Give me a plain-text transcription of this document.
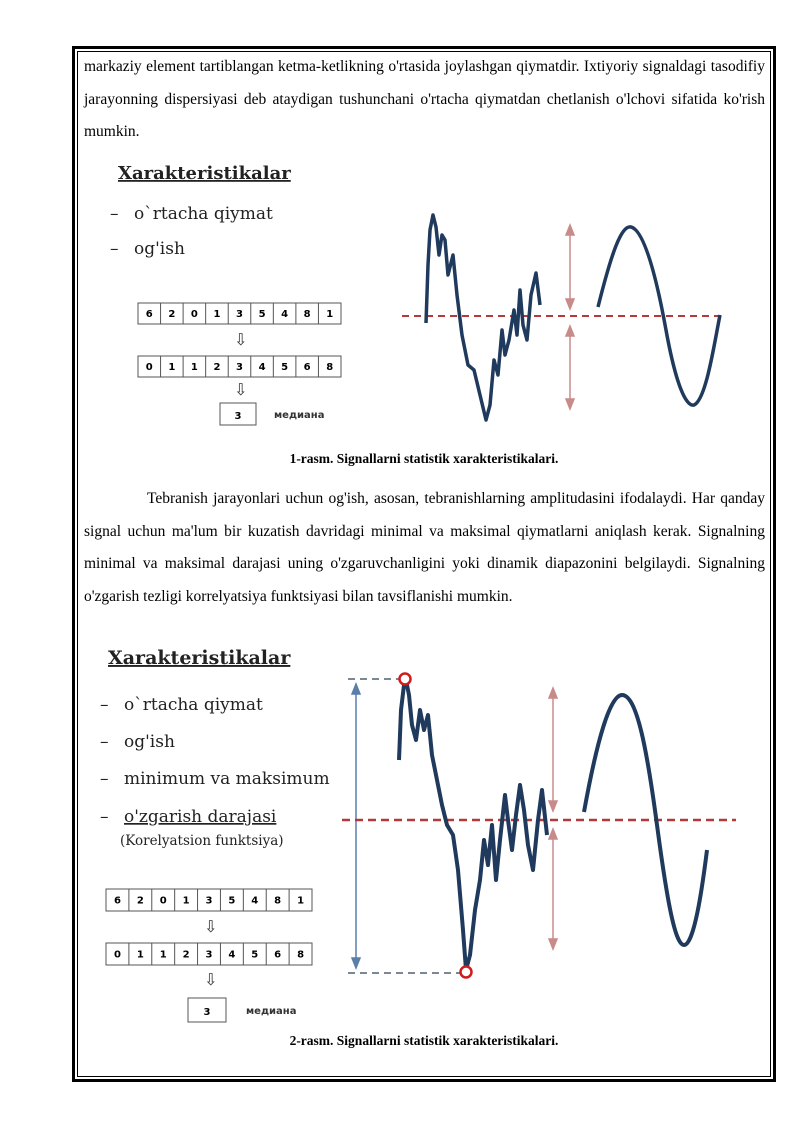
markaziy element tartiblangan ketma-ketlikning o'rtasida joylashgan qiymatdir. Ixtiyoriy signaldagi tasodifiy jarayonning dispersiyasi deb ataydigan tushunchani o'rtacha qiymatdan chetlanish o'lchovi sifatida ko'rish mumkin.

Xarakteristikalar
– o`rtacha qiymat
– og'ish
6 2 0 1 3 5 4 8 1
⇩
0 1 1 2 3 4 5 6 8
⇩
3	медиана

1-rasm. Signallarni statistik xarakteristikalari.

Tebranish jarayonlari uchun og'ish, asosan, tebranishlarning amplitudasini ifodalaydi. Har qanday signal uchun ma'lum bir kuzatish davridagi minimal va maksimal qiymatlarni aniqlash kerak. Signalning minimal va maksimal darajasi uning o'zgaruvchanligini yoki dinamik diapazonini belgilaydi. Signalning o'zgarish tezligi korrelyatsiya funktsiyasi bilan tavsiflanishi mumkin.

Xarakteristikalar
– o`rtacha qiymat
– og'ish
– minimum va maksimum
– o'zgarish darajasi
(Korelyatsion funktsiya)
6 2 0 1 3 5 4 8 1
⇩
0 1 1 2 3 4 5 6 8
⇩
3	медиана

2-rasm. Signallarni statistik xarakteristikalari.
